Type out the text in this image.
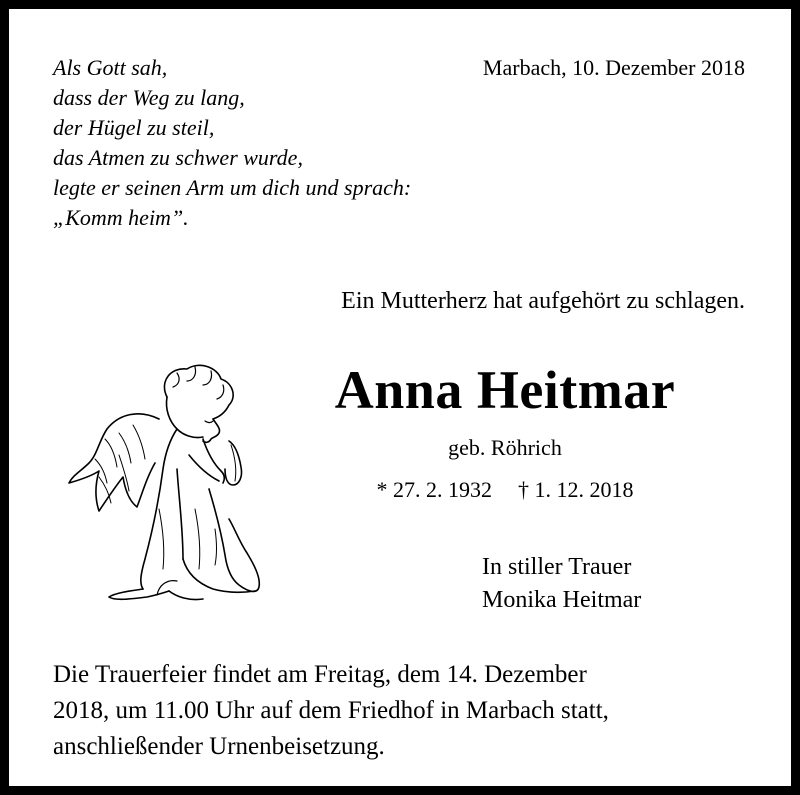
Als Gott sah,
dass der Weg zu lang,
der Hügel zu steil,
das Atmen zu schwer wurde,
legte er seinen Arm um dich und sprach:
„Komm heim”.
Marbach, 10. Dezember 2018
Ein Mutterherz hat aufgehört zu schlagen.
Anna Heitmar
geb. Röhrich
* 27. 2. 1932 † 1. 12. 2018
In stiller Trauer
Monika Heitmar
Die Trauerfeier findet am Freitag, dem 14. Dezember
2018, um 11.00 Uhr auf dem Friedhof in Marbach statt,
anschließender Urnenbeisetzung.
